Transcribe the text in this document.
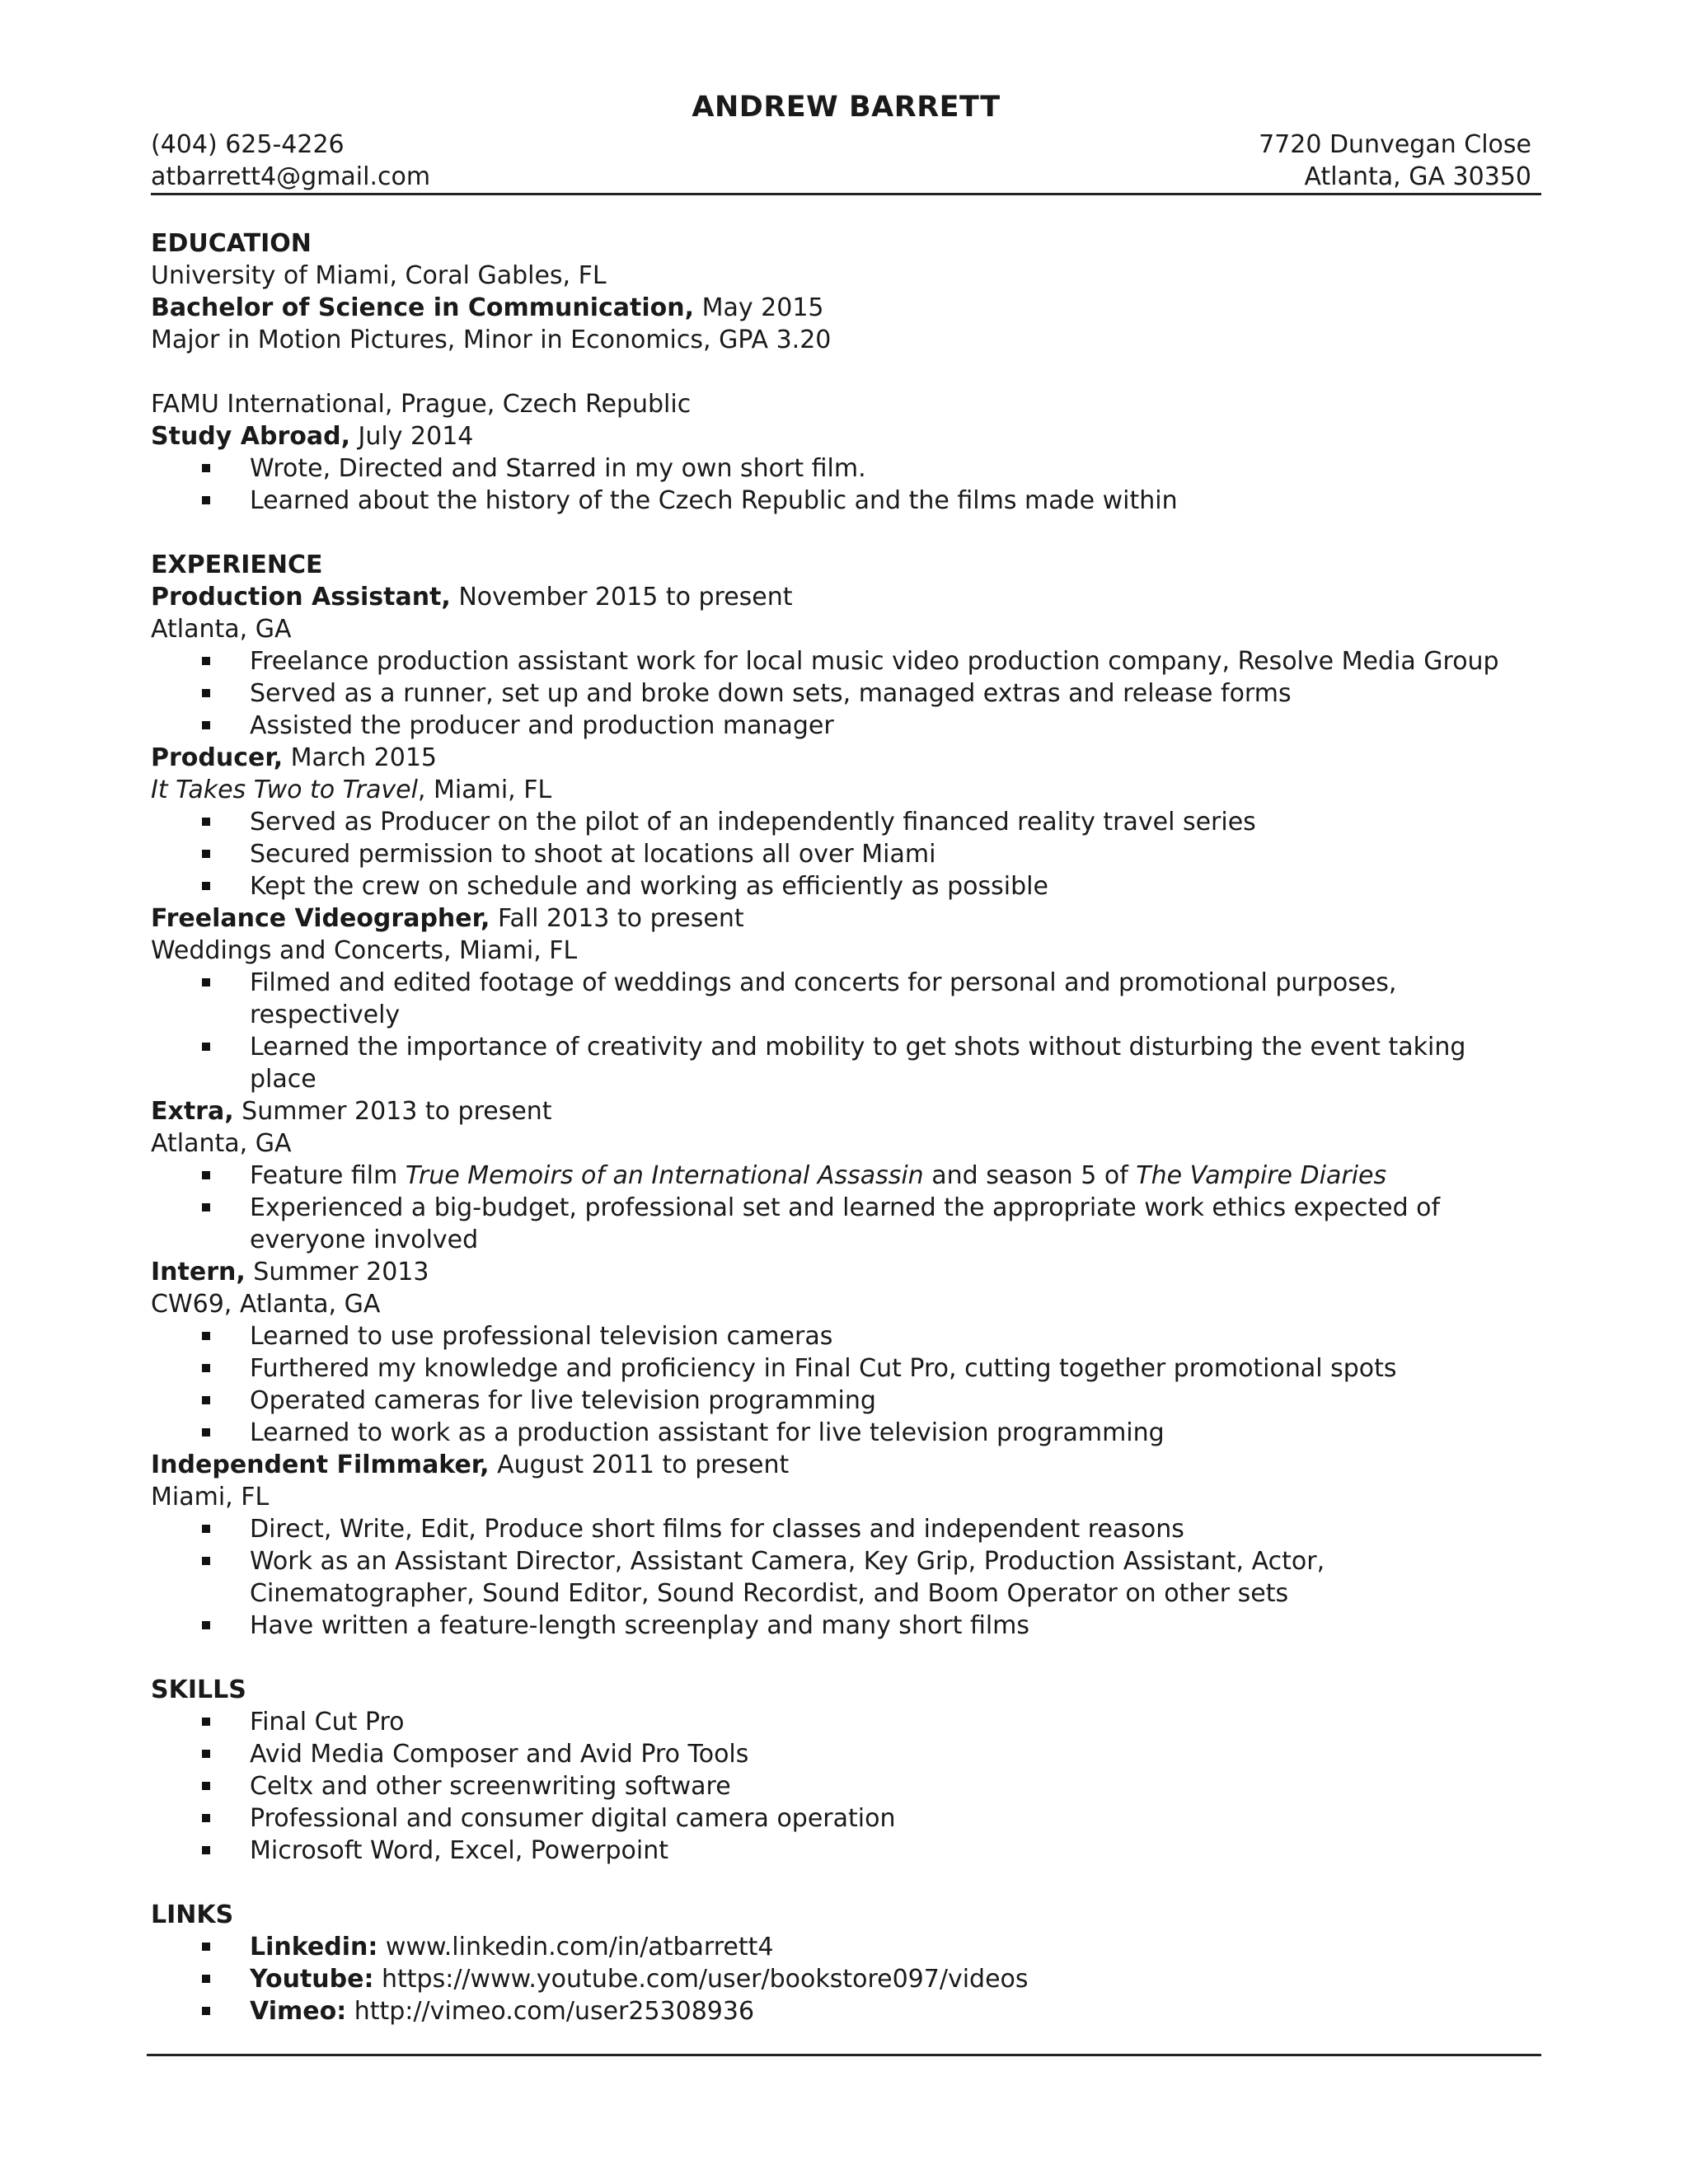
ANDREW BARRETT
(404) 625-4226	7720 Dunvegan Close
atbarrett4@gmail.com	Atlanta, GA 30350
EDUCATION
University of Miami, Coral Gables, FL
Bachelor of Science in Communication, May 2015
Major in Motion Pictures, Minor in Economics, GPA 3.20
FAMU International, Prague, Czech Republic
Study Abroad, July 2014
Wrote, Directed and Starred in my own short film.
Learned about the history of the Czech Republic and the films made within
EXPERIENCE
Production Assistant, November 2015 to present
Atlanta, GA
Freelance production assistant work for local music video production company, Resolve Media Group
Served as a runner, set up and broke down sets, managed extras and release forms
Assisted the producer and production manager
Producer, March 2015
It Takes Two to Travel, Miami, FL
Served as Producer on the pilot of an independently financed reality travel series
Secured permission to shoot at locations all over Miami
Kept the crew on schedule and working as efficiently as possible
Freelance Videographer, Fall 2013 to present
Weddings and Concerts, Miami, FL
Filmed and edited footage of weddings and concerts for personal and promotional purposes,
respectively
Learned the importance of creativity and mobility to get shots without disturbing the event taking
place
Extra, Summer 2013 to present
Atlanta, GA
Feature film True Memoirs of an International Assassin and season 5 of The Vampire Diaries
Experienced a big-budget, professional set and learned the appropriate work ethics expected of
everyone involved
Intern, Summer 2013
CW69, Atlanta, GA
Learned to use professional television cameras
Furthered my knowledge and proficiency in Final Cut Pro, cutting together promotional spots
Operated cameras for live television programming
Learned to work as a production assistant for live television programming
Independent Filmmaker, August 2011 to present
Miami, FL
Direct, Write, Edit, Produce short films for classes and independent reasons
Work as an Assistant Director, Assistant Camera, Key Grip, Production Assistant, Actor,
Cinematographer, Sound Editor, Sound Recordist, and Boom Operator on other sets
Have written a feature-length screenplay and many short films
SKILLS
Final Cut Pro
Avid Media Composer and Avid Pro Tools
Celtx and other screenwriting software
Professional and consumer digital camera operation
Microsoft Word, Excel, Powerpoint
LINKS
Linkedin: www.linkedin.com/in/atbarrett4
Youtube: https://www.youtube.com/user/bookstore097/videos
Vimeo: http://vimeo.com/user25308936
